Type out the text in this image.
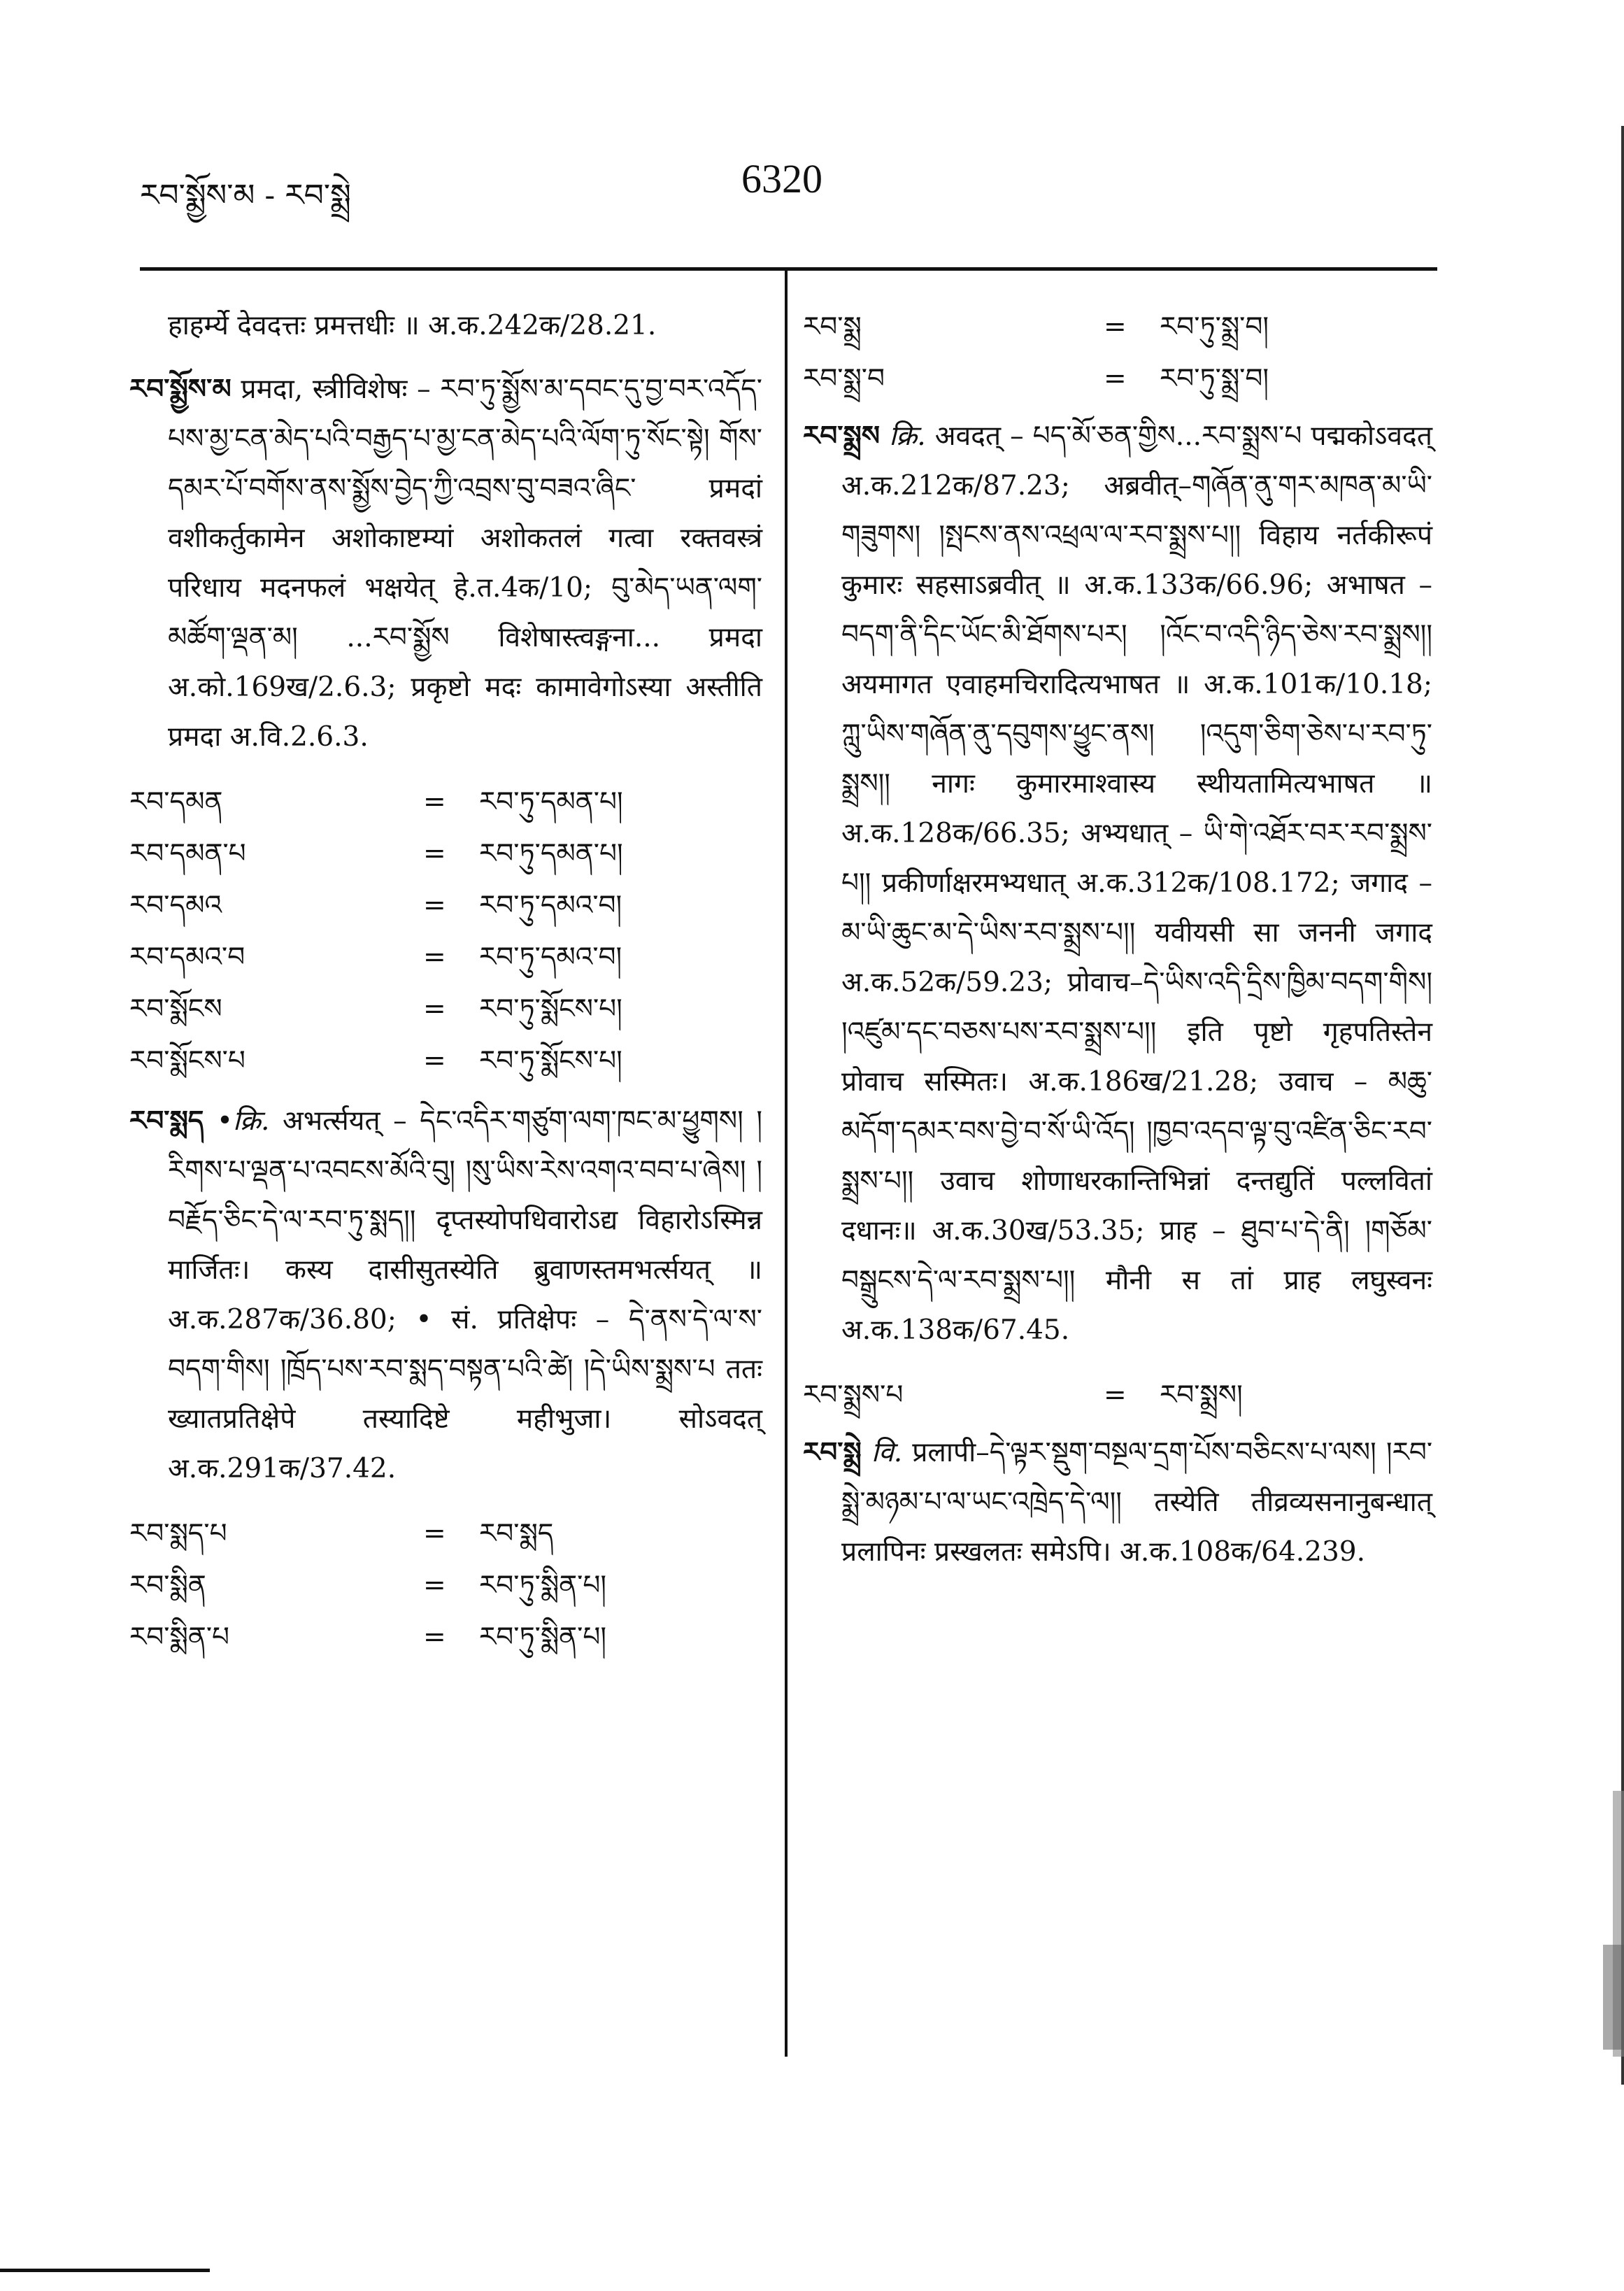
རབ་སྨྱོས་མ - རབ་སྨྲེ	6320
हाहर्म्ये देवदत्तः प्रमत्तधीः ॥ अ.क.242क/28.21.
རབ་སྨྱོས་མ प्रमदा, स्त्रीविशेषः – རབ་ཏུ་སྨྱོས་མ་དབང་དུ་བྱ་བར་འདོད་པས་མྱ་ངན་མེད་པའི་བརྒྱད་པ་མྱ་ངན་མེད་པའི་ལོག་ཏུ་སོང་སྟེ། གོས་དམར་པོ་བགོས་ནས་སྨྱོས་བྱེད་ཀྱི་འབྲས་བུ་བཟའ་ཞིང་ प्रमदां वशीकर्तुकामेन अशोकाष्टम्यां अशोकतलं गत्वा रक्तवस्त्रं परिधाय मदनफलं भक्षयेत् हे.त.4क/10; བུ་མེད་ཡན་ལག་མཚོག་ལྡན་མ། ...རབ་སྨྱོས विशेषास्त्वङ्गना... प्रमदा अ.को.169ख/2.6.3; प्रकृष्टो मदः कामावेगोऽस्या अस्तीति प्रमदा अ.वि.2.6.3.
རབ་དམན	=	རབ་ཏུ་དམན་པ།
རབ་དམན་པ	=	རབ་ཏུ་དམན་པ།
རབ་དམའ	=	རབ་ཏུ་དམའ་བ།
རབ་དམའ་བ	=	རབ་ཏུ་དམའ་བ།
རབ་སྨོངས	=	རབ་ཏུ་སྨོངས་པ།
རབ་སྨོངས་པ	=	རབ་ཏུ་སྨོངས་པ།
རབ་སྨད •क्रि. अभर्त्सयत् – དེང་འདིར་གཙུག་ལག་ཁང་མ་ཕྱུགས། །རིགས་པ་ལྡན་པ་འབངས་མོའི་བུ། །སུ་ཡིས་རེས་འགའ་བབ་པ་ཞེས། །བརྗོད་ཅིང་དེ་ལ་རབ་ཏུ་སྨད།། दृप्तस्योपधिवारोऽद्य विहारोऽस्मिन्न मार्जितः। कस्य दासीसुतस्येति ब्रुवाणस्तमभर्त्सयत् ॥ अ.क.287क/36.80; • सं. प्रतिक्षेपः – དེ་ནས་དེ་ལ་ས་བདག་གིས། །ཁྲོད་པས་རབ་སྨད་བསྟན་པའི་ཚེ། །དེ་ཡིས་སྨྲས་པ ततः ख्यातप्रतिक्षेपे तस्यादिष्टे महीभुजा। सोऽवदत् अ.क.291क/37.42.
རབ་སྨད་པ	=	རབ་སྨད
རབ་སྨིན	=	རབ་ཏུ་སྨིན་པ།
རབ་སྨིན་པ	=	རབ་ཏུ་སྨིན་པ།
རབ་སྨྲ	=	རབ་ཏུ་སྨྲ་བ།
རབ་སྨྲ་བ	=	རབ་ཏུ་སྨྲ་བ།
རབ་སྨྲས क्रि. अवदत् – པད་མོ་ཅན་གྱིས...རབ་སྨྲས་པ पद्मकोऽवदत् अ.क.212क/87.23; अब्रवीत्–གཞོན་ནུ་གར་མཁན་མ་ཡི་གཟུགས། །སྤངས་ནས་འཕྲལ་ལ་རབ་སྨྲས་པ།། विहाय नर्तकीरूपं कुमारः सहसाऽब्रवीत् ॥ अ.क.133क/66.96; अभाषत – བདག་ནི་དིང་ཡོང་མི་ཐོགས་པར། །འོང་བ་འདི་ཉིད་ཅེས་རབ་སྨྲས།། अयमागत एवाहमचिरादित्यभाषत ॥ अ.क.101क/10.18; ཀླུ་ཡིས་གཞོན་ནུ་དབུགས་ཕྱུང་ནས། །འདུག་ཅིག་ཅེས་པ་རབ་ཏུ་སྨྲས།། नागः कुमारमाश्वास्य स्थीयतामित्यभाषत ॥ अ.क.128क/66.35; अभ्यधात् – ཡི་གེ་འཐོར་བར་རབ་སྨྲས་པ།། प्रकीर्णाक्षरमभ्यधात् अ.क.312क/108.172; जगाद – མ་ཡི་ཆུང་མ་དེ་ཡིས་རབ་སྨྲས་པ།། यवीयसी सा जननी जगाद अ.क.52क/59.23; प्रोवाच–དེ་ཡིས་འདི་དྲིས་ཁྱིམ་བདག་གིས། །འཛུམ་དང་བཅས་པས་རབ་སྨྲས་པ།། इति पृष्टो गृहपतिस्तेन प्रोवाच सस्मितः। अ.क.186ख/21.28; उवाच – མཆུ་མདོག་དམར་བས་བྱེ་བ་སོ་ཡི་འོད། །ཁྱབ་འདབ་ལྟ་བུ་འཛིན་ཅིང་རབ་སྨྲས་པ།། उवाच शोणाधरकान्तिभिन्नां दन्तद्युतिं पल्लवितां दधानः॥ अ.क.30ख/53.35; प्राह – ཐུབ་པ་དེ་ནི། །གཅོམ་བསྒྲུངས་དེ་ལ་རབ་སྨྲས་པ།། मौनी स तां प्राह लघुस्वनः अ.क.138क/67.45.
རབ་སྨྲས་པ	=	རབ་སྨྲས།
རབ་སྨྲེ वि. प्रलापी–དེ་ལྟར་སྡུག་བསྔལ་དྲག་པོས་བཅིངས་པ་ལས། །རབ་སྨྲེ་མཉམ་པ་ལ་ཡང་འཁྲེད་དེ་ལ།། तस्येति तीव्रव्यसनानुबन्धात् प्रलापिनः प्रस्खलतः समेऽपि। अ.क.108क/64.239.
